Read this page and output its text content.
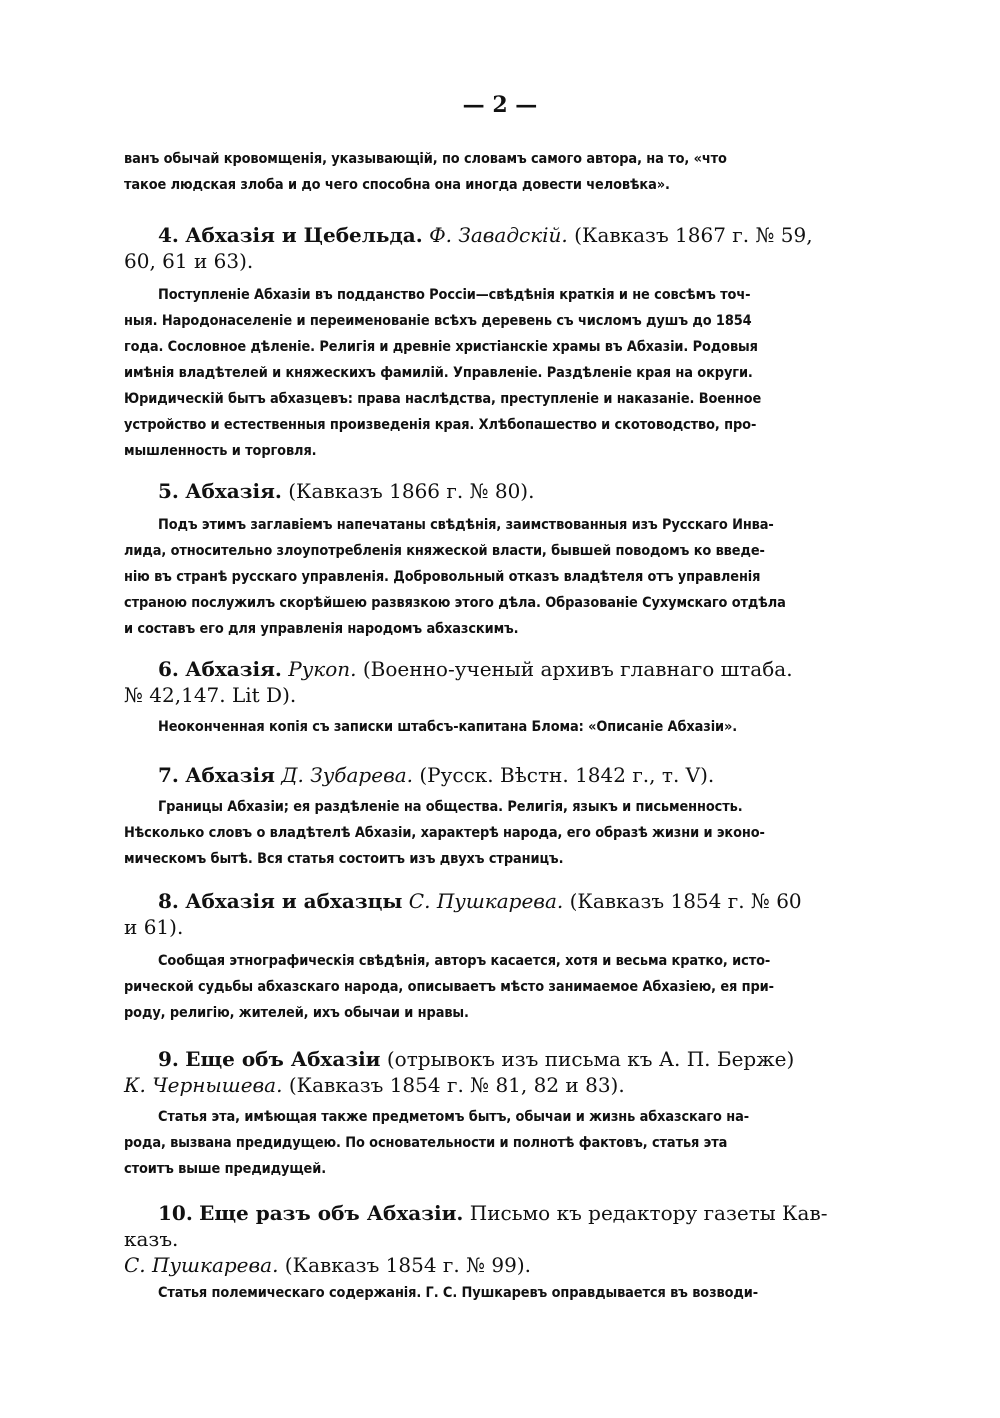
— 2 —

ванъ обычай кровомщенія, указывающій, по словамъ самого автора, на то, «что
такое людская злоба и до чего способна она иногда довести человѣка».

4. Абхазія и Цебельда. Ф. Завадскій. (Кавказъ 1867 г. № 59,
60, 61 и 63).

Поступленіе Абхазіи въ подданство Россіи—свѣдѣнія краткія и не совсѣмъ точ-
ныя. Народонаселеніе и переименованіе всѣхъ деревень съ числомъ душъ до 1854
года. Сословное дѣленіе. Религія и древніе христіанскіе храмы въ Абхазіи. Родовыя
имѣнія владѣтелей и княжескихъ фамилій. Управленіе. Раздѣленіе края на округи.
Юридическій бытъ абхазцевъ: права наслѣдства, преступленіе и наказаніе. Военное
устройство и естественныя произведенія края. Хлѣбопашество и скотоводство, про-
мышленность и торговля.

5. Абхазія. (Кавказъ 1866 г. № 80).

Подъ этимъ заглавіемъ напечатаны свѣдѣнія, заимствованныя изъ Русскаго Инва-
лида, относительно злоупотребленія княжеской власти, бывшей поводомъ ко введе-
нію въ странѣ русскаго управленія. Добровольный отказъ владѣтеля отъ управленія
страною послужилъ скорѣйшею развязкою этого дѣла. Образованіе Сухумскаго отдѣла
и составъ его для управленія народомъ абхазскимъ.

6. Абхазія. Рукоп. (Военно-ученый архивъ главнаго штаба.
№ 42,147. Lit D).

Неоконченная копія съ записки штабсъ-капитана Блома: «Описаніе Абхазіи».

7. Абхазія Д. Зубарева. (Русск. Вѣстн. 1842 г., т. V).

Границы Абхазіи; ея раздѣленіе на общества. Религія, языкъ и письменность.
Нѣсколько словъ о владѣтелѣ Абхазіи, характерѣ народа, его образѣ жизни и эконо-
мическомъ бытѣ. Вся статья состоитъ изъ двухъ страницъ.

8. Абхазія и абхазцы С. Пушкарева. (Кавказъ 1854 г. № 60
и 61).

Сообщая этнографическія свѣдѣнія, авторъ касается, хотя и весьма кратко, исто-
рической судьбы абхазскаго народа, описываетъ мѣсто занимаемое Абхазіею, ея при-
роду, религію, жителей, ихъ обычаи и нравы.

9. Еще объ Абхазіи (отрывокъ изъ письма къ А. П. Берже)
К. Чернышева. (Кавказъ 1854 г. № 81, 82 и 83).

Статья эта, имѣющая также предметомъ бытъ, обычаи и жизнь абхазскаго на-
рода, вызвана предидущею. По основательности и полнотѣ фактовъ, статья эта
стоитъ выше предидущей.

10. Еще разъ объ Абхазіи. Письмо къ редактору газеты Кав-
казъ.
С. Пушкарева. (Кавказъ 1854 г. № 99).

Статья полемическаго содержанія. Г. С. Пушкаревъ оправдывается въ возводи-
